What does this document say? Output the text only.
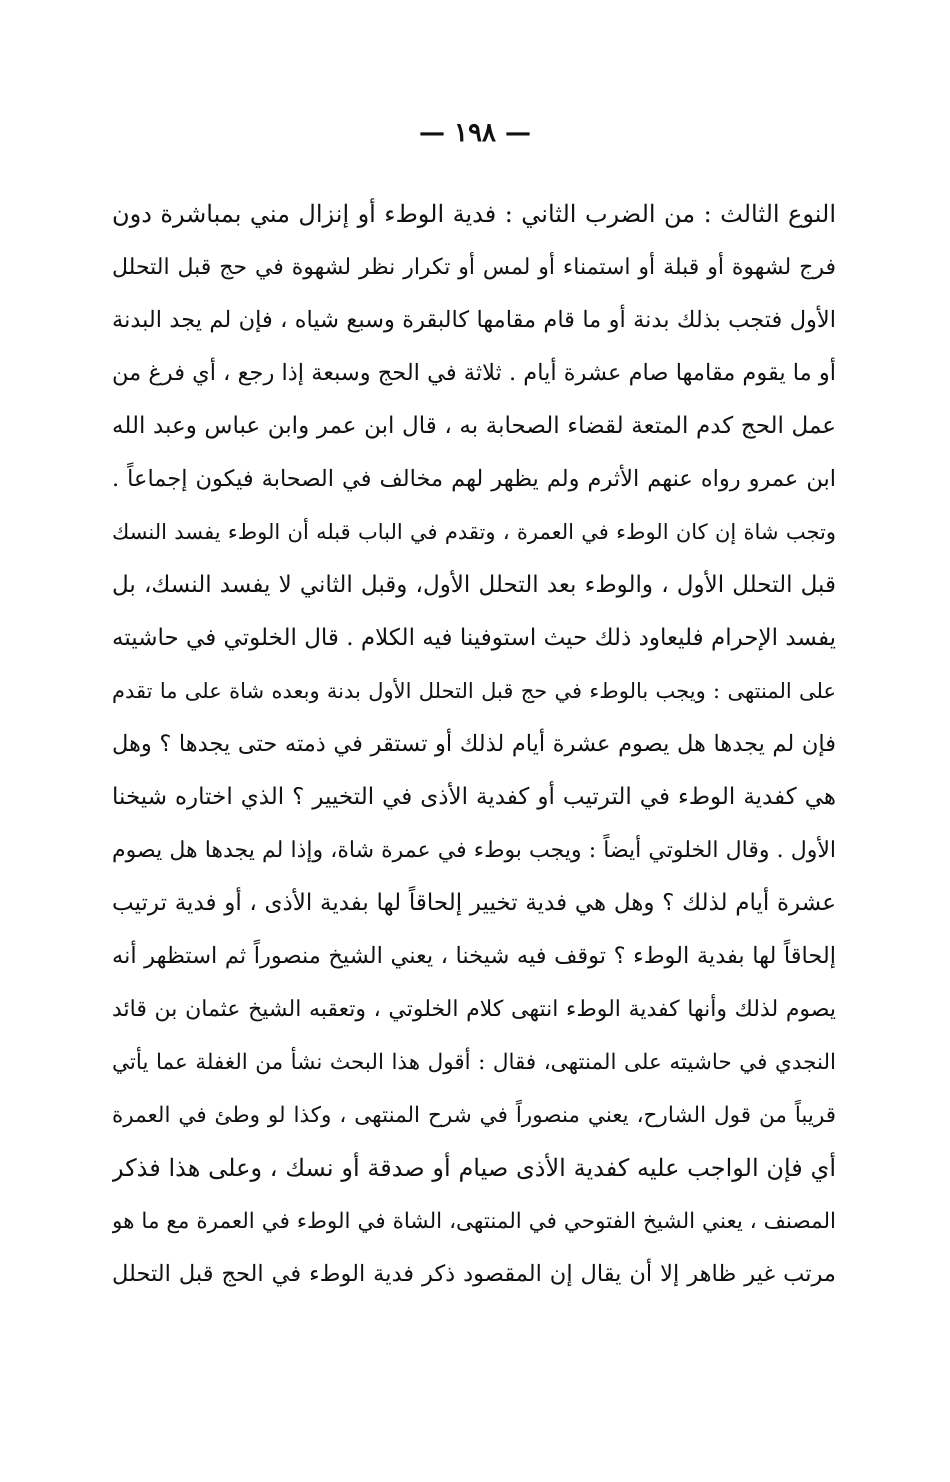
— ١٩٨ —
النوع الثالث : من الضرب الثاني : فدية الوطء أو إنزال مني بمباشرة دون
فرج لشهوة أو قبلة أو استمناء أو لمس أو تكرار نظر لشهوة في حج قبل التحلل
الأول فتجب بذلك بدنة أو ما قام مقامها كالبقرة وسبع شياه ، فإن لم يجد البدنة
أو ما يقوم مقامها صام عشرة أيام . ثلاثة في الحج وسبعة إذا رجع ، أي فرغ من
عمل الحج كدم المتعة لقضاء الصحابة به ، قال ابن عمر وابن عباس وعبد الله
ابن عمرو رواه عنهم الأثرم ولم يظهر لهم مخالف في الصحابة فيكون إجماعاً .
وتجب شاة إن كان الوطء في العمرة ، وتقدم في الباب قبله أن الوطء يفسد النسك
قبل التحلل الأول ، والوطء بعد التحلل الأول، وقبل الثاني لا يفسد النسك، بل
يفسد الإحرام فليعاود ذلك حيث استوفينا فيه الكلام . قال الخلوتي في حاشيته
على المنتهى : ويجب بالوطء في حج قبل التحلل الأول بدنة وبعده شاة على ما تقدم
فإن لم يجدها هل يصوم عشرة أيام لذلك أو تستقر في ذمته حتى يجدها ؟ وهل
هي كفدية الوطء في الترتيب أو كفدية الأذى في التخيير ؟ الذي اختاره شيخنا
الأول . وقال الخلوتي أيضاً : ويجب بوطء في عمرة شاة، وإذا لم يجدها هل يصوم
عشرة أيام لذلك ؟ وهل هي فدية تخيير إلحاقاً لها بفدية الأذى ، أو فدية ترتيب
إلحاقاً لها بفدية الوطء ؟ توقف فيه شيخنا ، يعني الشيخ منصوراً ثم استظهر أنه
يصوم لذلك وأنها كفدية الوطء انتهى كلام الخلوتي ، وتعقبه الشيخ عثمان بن قائد
النجدي في حاشيته على المنتهى، فقال : أقول هذا البحث نشأ من الغفلة عما يأتي
قريباً من قول الشارح، يعني منصوراً في شرح المنتهى ، وكذا لو وطئ في العمرة
أي فإن الواجب عليه كفدية الأذى صيام أو صدقة أو نسك ، وعلى هذا فذكر
المصنف ، يعني الشيخ الفتوحي في المنتهى، الشاة في الوطء في العمرة مع ما هو
مرتب غير ظاهر إلا أن يقال إن المقصود ذكر فدية الوطء في الحج قبل التحلل
